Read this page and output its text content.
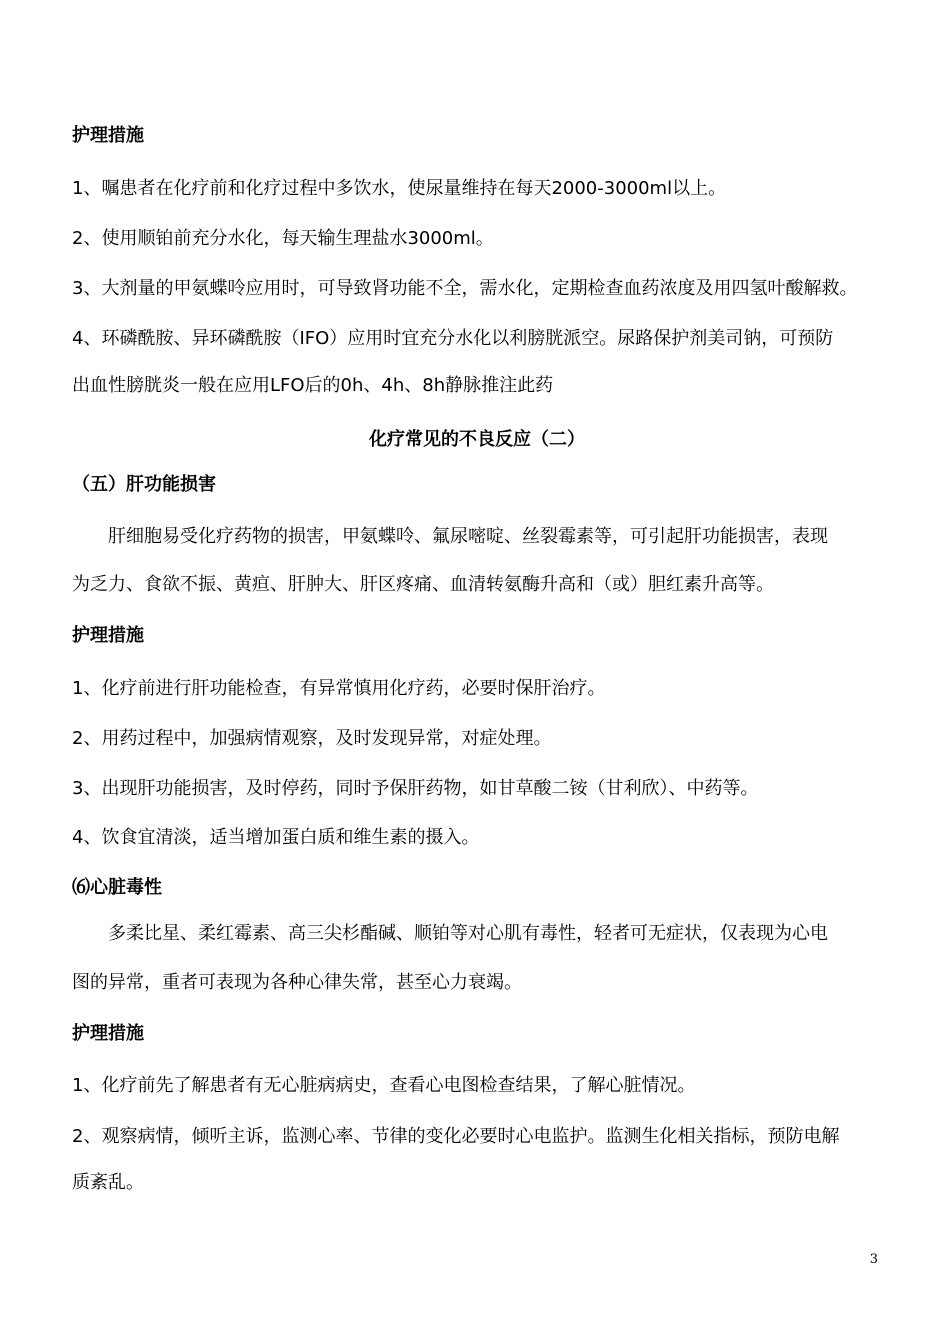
护理措施
1、嘱患者在化疗前和化疗过程中多饮水，使尿量维持在每天2000-3000ml以上。
2、使用顺铂前充分水化，每天输生理盐水3000ml。
3、大剂量的甲氨蝶呤应用时，可导致肾功能不全，需水化，定期检查血药浓度及用四氢叶酸解救。
4、环磷酰胺、异环磷酰胺（IFO）应用时宜充分水化以利膀胱派空。尿路保护剂美司钠，可预防
出血性膀胱炎一般在应用LFO后的0h、4h、8h静脉推注此药
化疗常见的不良反应（二）
（五）肝功能损害
肝细胞易受化疗药物的损害，甲氨蝶呤、氟尿嘧啶、丝裂霉素等，可引起肝功能损害，表现
为乏力、食欲不振、黄疸、肝肿大、肝区疼痛、血清转氨酶升高和（或）胆红素升高等。
护理措施
1、化疗前进行肝功能检查，有异常慎用化疗药，必要时保肝治疗。
2、用药过程中，加强病情观察，及时发现异常，对症处理。
3、出现肝功能损害，及时停药，同时予保肝药物，如甘草酸二铵（甘利欣）、中药等。
4、饮食宜清淡，适当增加蛋白质和维生素的摄入。
⑹心脏毒性
多柔比星、柔红霉素、高三尖杉酯碱、顺铂等对心肌有毒性，轻者可无症状，仅表现为心电
图的异常，重者可表现为各种心律失常，甚至心力衰竭。
护理措施
1、化疗前先了解患者有无心脏病病史，查看心电图检查结果，了解心脏情况。
2、观察病情，倾听主诉，监测心率、节律的变化必要时心电监护。监测生化相关指标，预防电解
质紊乱。
3
